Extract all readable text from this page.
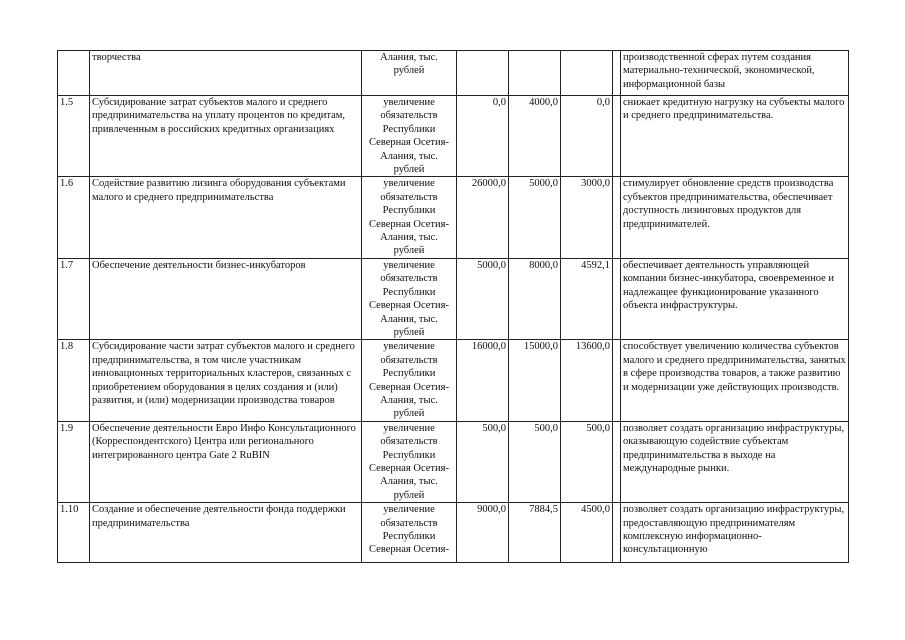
	творчества	Алания, тыс. рублей					производственной сферах путем создания материально-технической, экономической, информационной базы
1.5	Субсидирование затрат субъектов малого и среднего предпринимательства на уплату процентов по кредитам, привлеченным в российских кредитных организациях	увеличение обязательств Республики Северная Осетия-Алания, тыс. рублей	0,0	4000,0	0,0		снижает кредитную нагрузку на субъекты малого и среднего предпринимательства.
1.6	Содействие развитию лизинга оборудования субъектами малого и среднего предпринимательства	увеличение обязательств Республики Северная Осетия-Алания, тыс. рублей	26000,0	5000,0	3000,0		стимулирует обновление средств производства субъектов предпринимательства, обеспечивает доступность лизинговых продуктов для предпринимателей.
1.7	Обеспечение деятельности бизнес-инкубаторов	увеличение обязательств Республики Северная Осетия-Алания, тыс. рублей	5000,0	8000,0	4592,1		обеспечивает деятельность управляющей компании бизнес-инкубатора, своевременное и надлежащее функционирование указанного объекта инфраструктуры.
1.8	Субсидирование части затрат субъектов малого и среднего предпринимательства, в том числе участникам инновационных территориальных кластеров, связанных с приобретением оборудования в целях создания и (или) развития, и (или) модернизации производства товаров	увеличение обязательств Республики Северная Осетия-Алания, тыс. рублей	16000,0	15000,0	13600,0		способствует увеличению количества субъектов малого и среднего предпринимательства, занятых в сфере производства товаров, а также развитию и модернизации уже действующих производств.
1.9	Обеспечение деятельности Евро Инфо Консультационного (Корреспондентского) Центра или регионального интегрированного центра Gate 2 RuBIN	увеличение обязательств Республики Северная Осетия-Алания, тыс. рублей	500,0	500,0	500,0		позволяет создать организацию инфраструктуры, оказывающую содействие субъектам предпринимательства в выходе на международные рынки.
1.10	Создание и обеспечение деятельности фонда поддержки предпринимательства	увеличение обязательств Республики Северная Осетия-	9000,0	7884,5	4500,0		позволяет создать организацию инфраструктуры, предоставляющую предпринимателям комплексную информационно-консультационную
